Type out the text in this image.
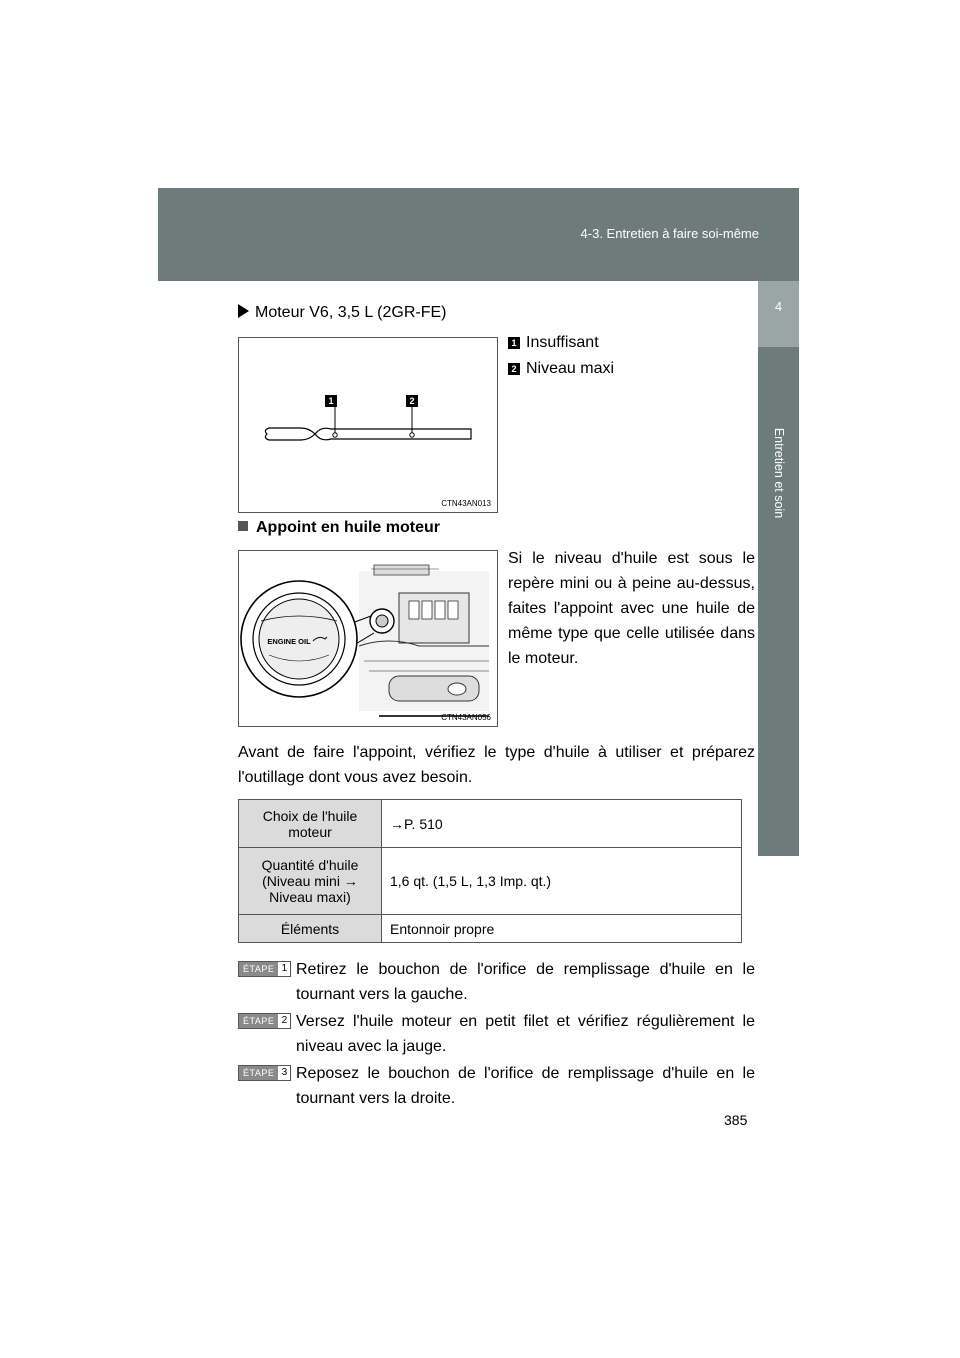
4-3. Entretien à faire soi-même
4
Entretien et soin
Moteur V6, 3,5 L (2GR-FE)
1	2
CTN43AN013
1 Insuffisant
2 Niveau maxi
Appoint en huile moteur
ENGINE OIL
CTN43AN056
Si le niveau d'huile est sous le repère mini ou à peine au-dessus, faites l'appoint avec une huile de même type que celle utilisée dans le moteur.
Avant de faire l'appoint, vérifiez le type d'huile à utiliser et préparez l'outillage dont vous avez besoin.
Choix de l'huile moteur	→P. 510
Quantité d'huile (Niveau mini → Niveau maxi)	1,6 qt. (1,5 L, 1,3 Imp. qt.)
Éléments	Entonnoir propre
ÉTAPE 1 Retirez le bouchon de l'orifice de remplissage d'huile en le tournant vers la gauche.
ÉTAPE 2 Versez l'huile moteur en petit filet et vérifiez régulièrement le niveau avec la jauge.
ÉTAPE 3 Reposez le bouchon de l'orifice de remplissage d'huile en le tournant vers la droite.
385
